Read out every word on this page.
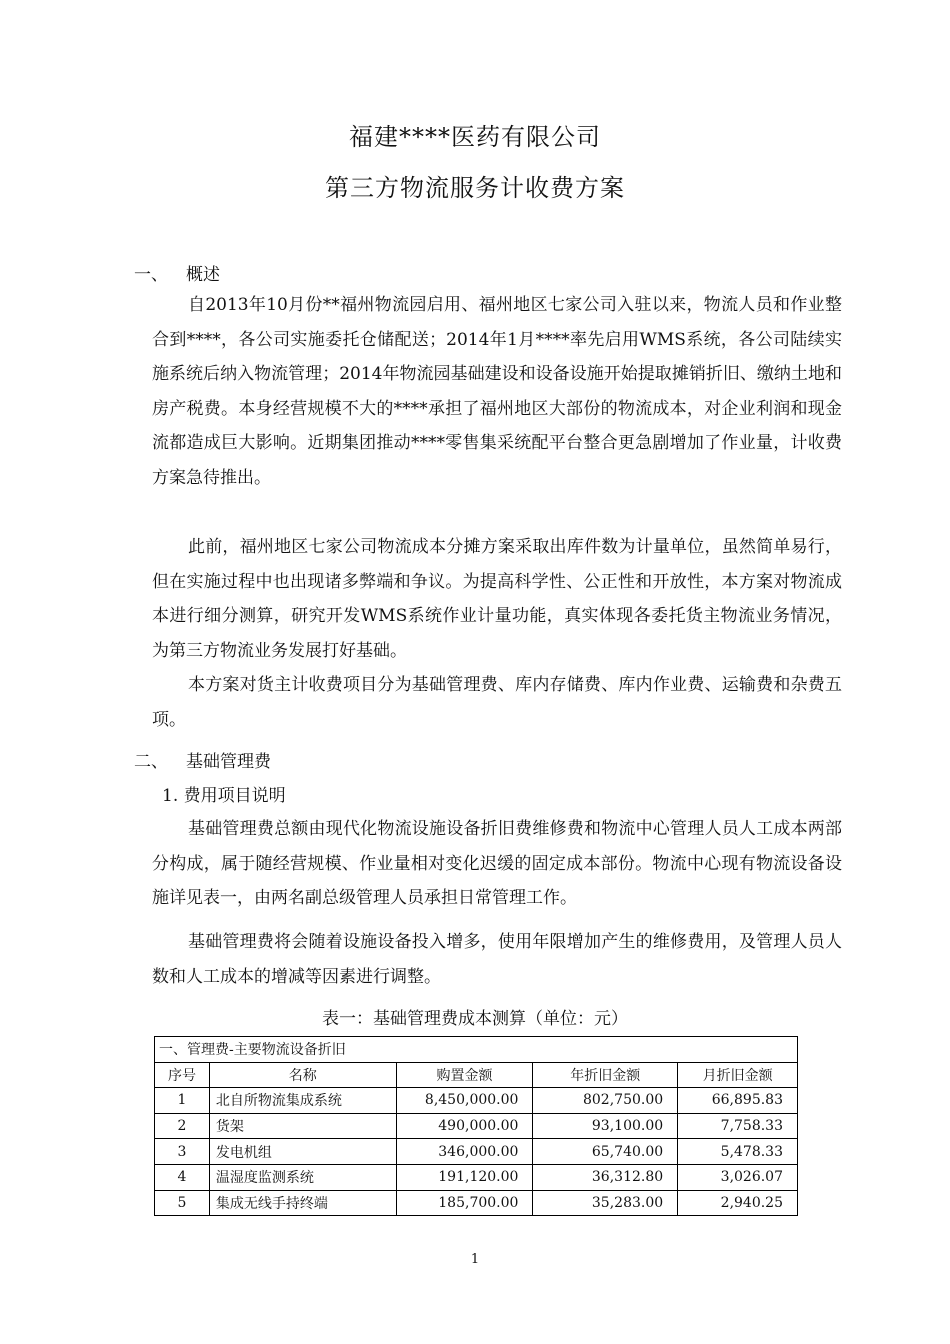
福建****医药有限公司
第三方物流服务计收费方案
一、 概述
自2013年10月份**福州物流园启用、福州地区七家公司入驻以来，物流人员和作业整合到****，各公司实施委托仓储配送；2014年1月****率先启用WMS系统，各公司陆续实施系统后纳入物流管理；2014年物流园基础建设和设备设施开始提取摊销折旧、缴纳土地和房产税费。本身经营规模不大的****承担了福州地区大部份的物流成本，对企业利润和现金流都造成巨大影响。近期集团推动****零售集采统配平台整合更急剧增加了作业量，计收费方案急待推出。
此前，福州地区七家公司物流成本分摊方案采取出库件数为计量单位，虽然简单易行，但在实施过程中也出现诸多弊端和争议。为提高科学性、公正性和开放性，本方案对物流成本进行细分测算，研究开发WMS系统作业计量功能，真实体现各委托货主物流业务情况，为第三方物流业务发展打好基础。
本方案对货主计收费项目分为基础管理费、库内存储费、库内作业费、运输费和杂费五项。
二、 基础管理费
1. 费用项目说明
基础管理费总额由现代化物流设施设备折旧费维修费和物流中心管理人员人工成本两部分构成，属于随经营规模、作业量相对变化迟缓的固定成本部份。物流中心现有物流设备设施详见表一，由两名副总级管理人员承担日常管理工作。
基础管理费将会随着设施设备投入增多，使用年限增加产生的维修费用，及管理人员人数和人工成本的增减等因素进行调整。
表一：基础管理费成本测算（单位：元）
一、管理费-主要物流设备折旧				
序号	名称	购置金额	年折旧金额	月折旧金额
1	北自所物流集成系统	8,450,000.00	802,750.00	66,895.83
2	货架	490,000.00	93,100.00	7,758.33
3	发电机组	346,000.00	65,740.00	5,478.33
4	温湿度监测系统	191,120.00	36,312.80	3,026.07
5	集成无线手持终端	185,700.00	35,283.00	2,940.25
1
